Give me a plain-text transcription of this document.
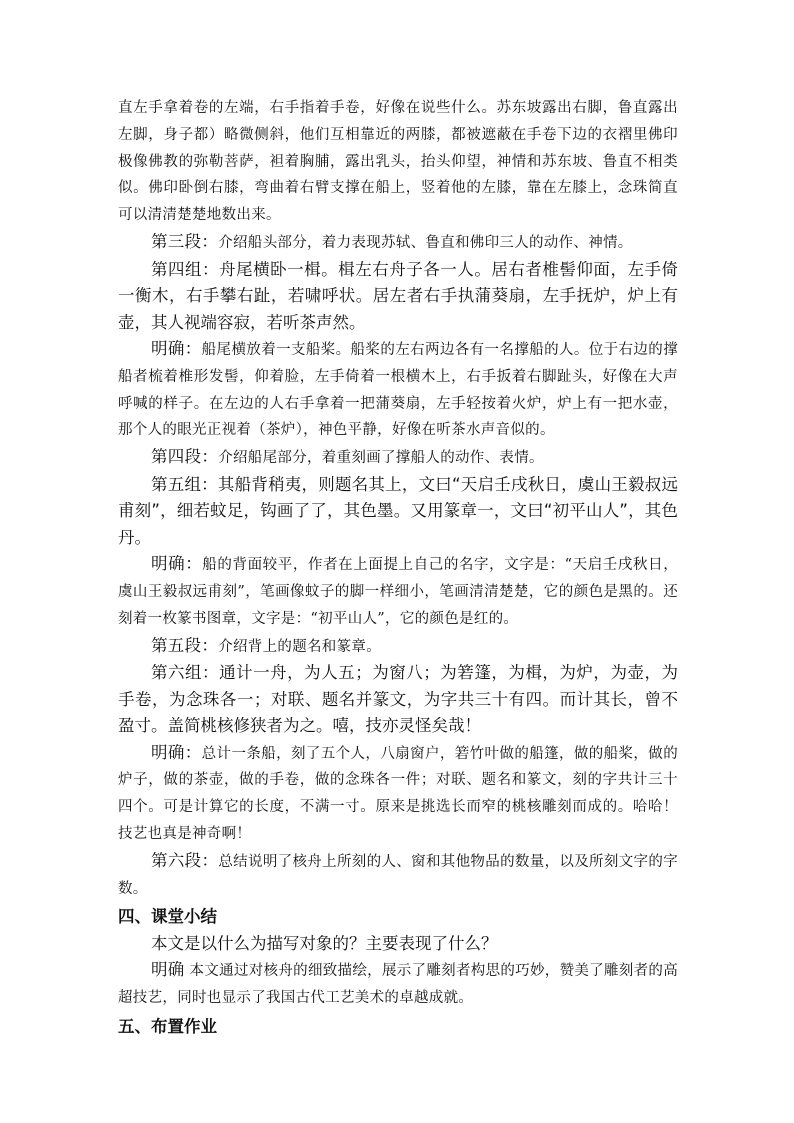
直左手拿着卷的左端，右手指着手卷，好像在说些什么。苏东坡露出右脚，鲁直露出左脚，身子都）略微侧斜，他们互相靠近的两膝，都被遮蔽在手卷下边的衣褶里佛印极像佛教的弥勒菩萨，袒着胸脯，露出乳头，抬头仰望，神情和苏东坡、鲁直不相类似。佛印卧倒右膝，弯曲着右臂支撑在船上，竖着他的左膝，靠在左膝上，念珠简直可以清清楚楚地数出来。

第三段：介绍船头部分，着力表现苏轼、鲁直和佛印三人的动作、神情。

第四组：舟尾横卧一楫。楫左右舟子各一人。居右者椎髻仰面，左手倚一衡木，右手攀右趾，若啸呼状。居左者右手执蒲葵扇，左手抚炉，炉上有壶，其人视端容寂，若听茶声然。

明确：船尾横放着一支船桨。船桨的左右两边各有一名撑船的人。位于右边的撑船者梳着椎形发髻，仰着脸，左手倚着一根横木上，右手扳着右脚趾头，好像在大声呼喊的样子。在左边的人右手拿着一把蒲葵扇，左手轻按着火炉，炉上有一把水壶，那个人的眼光正视着（茶炉），神色平静，好像在听茶水声音似的。

第四段：介绍船尾部分，着重刻画了撑船人的动作、表情。

第五组：其船背稍夷，则题名其上，文曰“天启壬戌秋日，虞山王毅叔远甫刻”，细若蚊足，钩画了了，其色墨。又用篆章一，文曰“初平山人”，其色丹。

明确：船的背面较平，作者在上面提上自己的名字，文字是：“天启壬戌秋日，虞山王毅叔远甫刻”，笔画像蚊子的脚一样细小，笔画清清楚楚，它的颜色是黑的。还刻着一枚篆书图章，文字是：“初平山人”，它的颜色是红的。

第五段：介绍背上的题名和篆章。

第六组：通计一舟，为人五；为窗八；为箬篷，为楫，为炉，为壶，为手卷，为念珠各一；对联、题名并篆文，为字共三十有四。而计其长，曾不盈寸。盖简桃核修狭者为之。嘻，技亦灵怪矣哉！

明确：总计一条船，刻了五个人，八扇窗户，箬竹叶做的船篷，做的船桨，做的炉子，做的茶壶，做的手卷，做的念珠各一件；对联、题名和篆文，刻的字共计三十四个。可是计算它的长度，不满一寸。原来是挑选长而窄的桃核雕刻而成的。哈哈！技艺也真是神奇啊！

第六段：总结说明了核舟上所刻的人、窗和其他物品的数量，以及所刻文字的字数。

四、课堂小结

本文是以什么为描写对象的？主要表现了什么？

明确 本文通过对核舟的细致描绘，展示了雕刻者构思的巧妙，赞美了雕刻者的高超技艺，同时也显示了我国古代工艺美术的卓越成就。

五、布置作业
